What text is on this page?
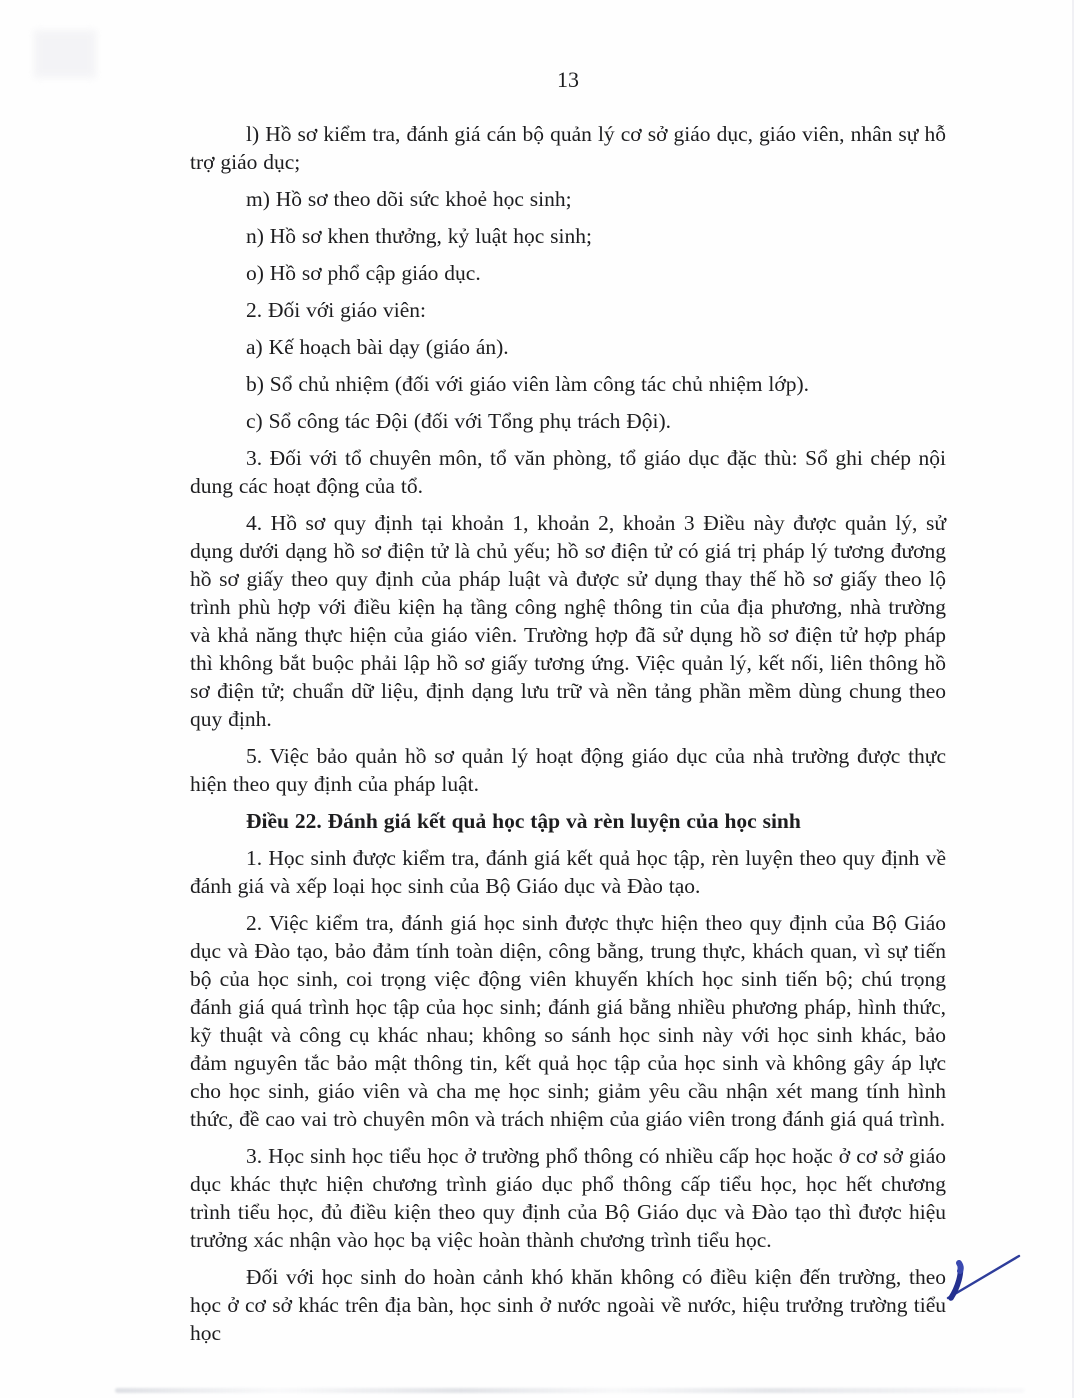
13

l) Hồ sơ kiểm tra, đánh giá cán bộ quản lý cơ sở giáo dục, giáo viên, nhân sự hỗ trợ giáo dục;

m) Hồ sơ theo dõi sức khoẻ học sinh;

n) Hồ sơ khen thưởng, kỷ luật học sinh;

o) Hồ sơ phổ cập giáo dục.

2. Đối với giáo viên:

a) Kế hoạch bài dạy (giáo án).

b) Sổ chủ nhiệm (đối với giáo viên làm công tác chủ nhiệm lớp).

c) Sổ công tác Đội (đối với Tổng phụ trách Đội).

3. Đối với tổ chuyên môn, tổ văn phòng, tổ giáo dục đặc thù: Sổ ghi chép nội dung các hoạt động của tổ.

4. Hồ sơ quy định tại khoản 1, khoản 2, khoản 3 Điều này được quản lý, sử dụng dưới dạng hồ sơ điện tử là chủ yếu; hồ sơ điện tử có giá trị pháp lý tương đương hồ sơ giấy theo quy định của pháp luật và được sử dụng thay thế hồ sơ giấy theo lộ trình phù hợp với điều kiện hạ tầng công nghệ thông tin của địa phương, nhà trường và khả năng thực hiện của giáo viên. Trường hợp đã sử dụng hồ sơ điện tử hợp pháp thì không bắt buộc phải lập hồ sơ giấy tương ứng. Việc quản lý, kết nối, liên thông hồ sơ điện tử; chuẩn dữ liệu, định dạng lưu trữ và nền tảng phần mềm dùng chung theo quy định.

5. Việc bảo quản hồ sơ quản lý hoạt động giáo dục của nhà trường được thực hiện theo quy định của pháp luật.

Điều 22. Đánh giá kết quả học tập và rèn luyện của học sinh

1. Học sinh được kiểm tra, đánh giá kết quả học tập, rèn luyện theo quy định về đánh giá và xếp loại học sinh của Bộ Giáo dục và Đào tạo.

2. Việc kiểm tra, đánh giá học sinh được thực hiện theo quy định của Bộ Giáo dục và Đào tạo, bảo đảm tính toàn diện, công bằng, trung thực, khách quan, vì sự tiến bộ của học sinh, coi trọng việc động viên khuyến khích học sinh tiến bộ; chú trọng đánh giá quá trình học tập của học sinh; đánh giá bằng nhiều phương pháp, hình thức, kỹ thuật và công cụ khác nhau; không so sánh học sinh này với học sinh khác, bảo đảm nguyên tắc bảo mật thông tin, kết quả học tập của học sinh và không gây áp lực cho học sinh, giáo viên và cha mẹ học sinh; giảm yêu cầu nhận xét mang tính hình thức, đề cao vai trò chuyên môn và trách nhiệm của giáo viên trong đánh giá quá trình.

3. Học sinh học tiểu học ở trường phổ thông có nhiều cấp học hoặc ở cơ sở giáo dục khác thực hiện chương trình giáo dục phổ thông cấp tiểu học, học hết chương trình tiểu học, đủ điều kiện theo quy định của Bộ Giáo dục và Đào tạo thì được hiệu trưởng xác nhận vào học bạ việc hoàn thành chương trình tiểu học.

Đối với học sinh do hoàn cảnh khó khăn không có điều kiện đến trường, theo học ở cơ sở khác trên địa bàn, học sinh ở nước ngoài về nước, hiệu trưởng trường tiểu học
